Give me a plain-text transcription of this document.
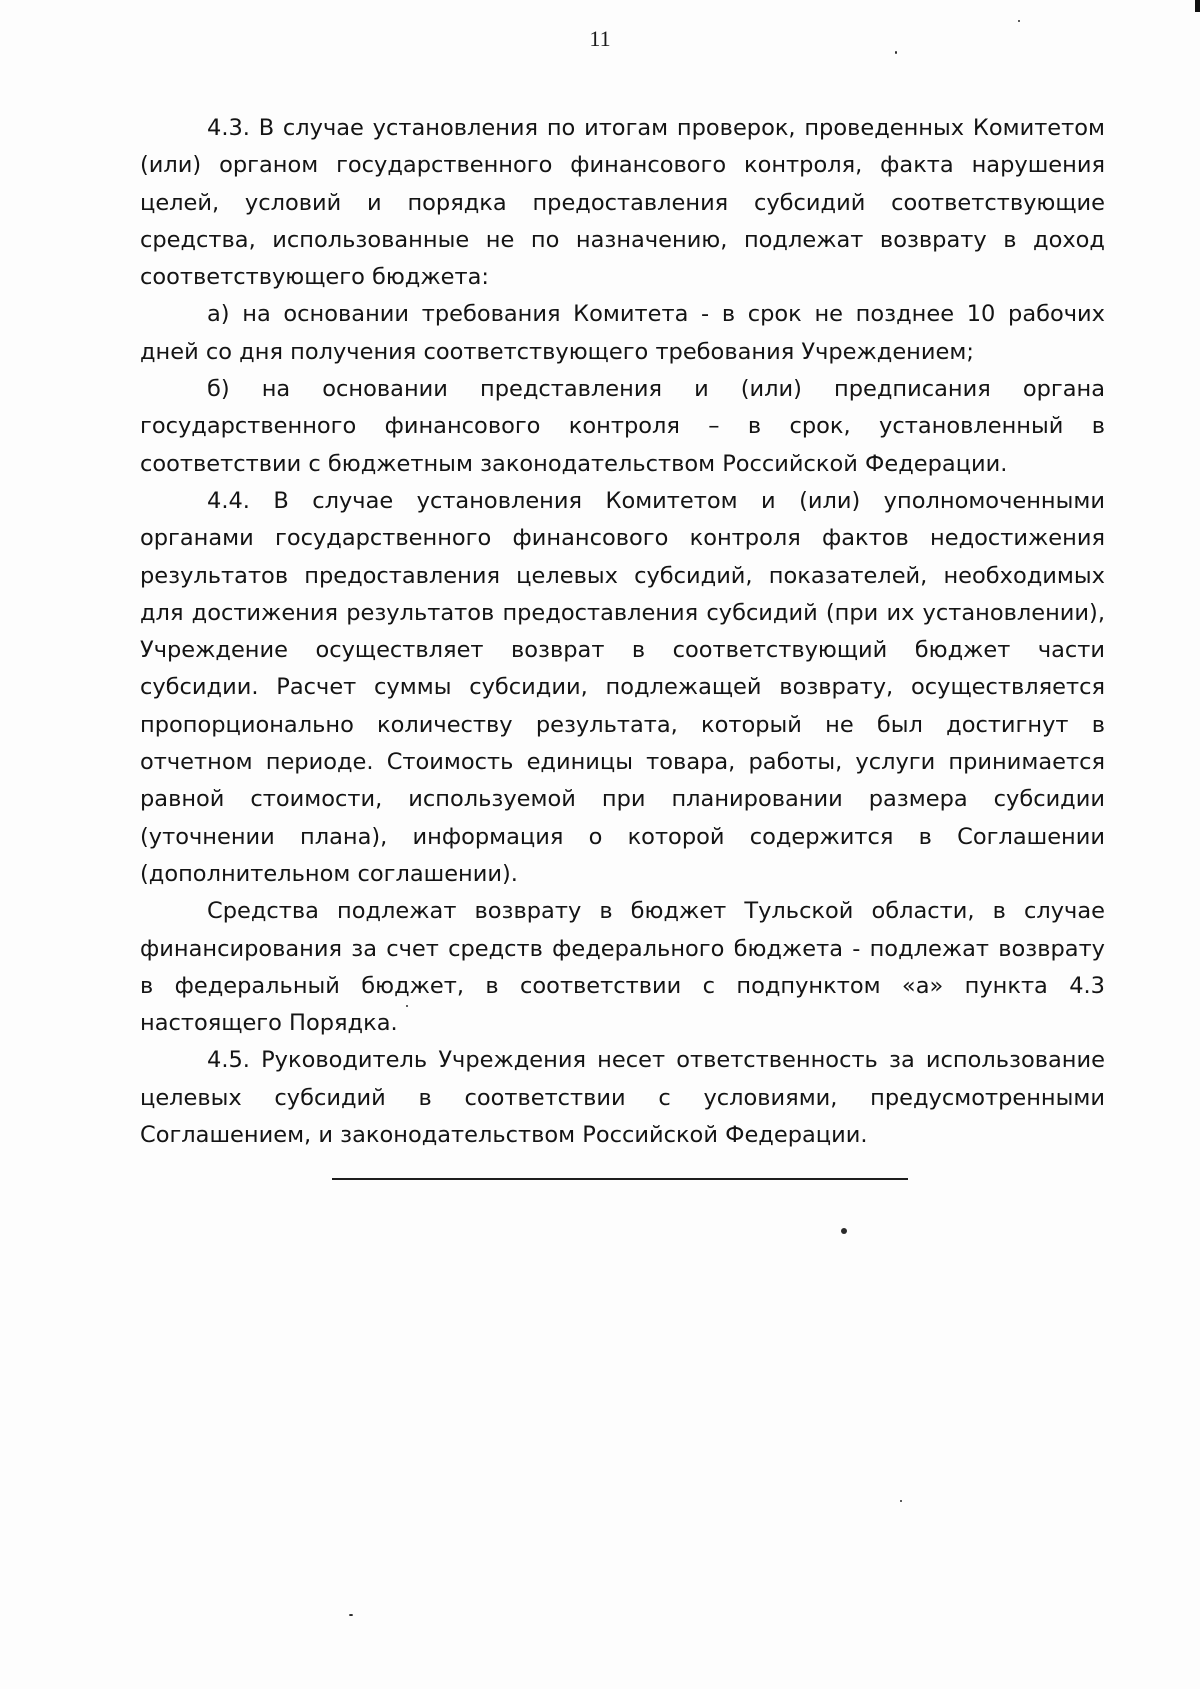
11

4.3. В случае установления по итогам проверок, проведенных Комитетом (или) органом государственного финансового контроля, факта нарушения целей, условий и порядка предоставления субсидий соответствующие средства, использованные не по назначению, подлежат возврату в доход соответствующего бюджета:

а) на основании требования Комитета - в срок не позднее 10 рабочих дней со дня получения соответствующего требования Учреждением;

б) на основании представления и (или) предписания органа государственного финансового контроля – в срок, установленный в соответствии с бюджетным законодательством Российской Федерации.

4.4. В случае установления Комитетом и (или) уполномоченными органами государственного финансового контроля фактов недостижения результатов предоставления целевых субсидий, показателей, необходимых для достижения результатов предоставления субсидий (при их установлении), Учреждение осуществляет возврат в соответствующий бюджет части субсидии. Расчет суммы субсидии, подлежащей возврату, осуществляется пропорционально количеству результата, который не был достигнут в отчетном периоде. Стоимость единицы товара, работы, услуги принимается равной стоимости, используемой при планировании размера субсидии (уточнении плана), информация о которой содержится в Соглашении (дополнительном соглашении).

Средства подлежат возврату в бюджет Тульской области, в случае финансирования за счет средств федерального бюджета - подлежат возврату в федеральный бюджет, в соответствии с подпунктом «а» пункта 4.3 настоящего Порядка.

4.5. Руководитель Учреждения несет ответственность за использование целевых субсидий в соответствии с условиями, предусмотренными Соглашением, и законодательством Российской Федерации.
